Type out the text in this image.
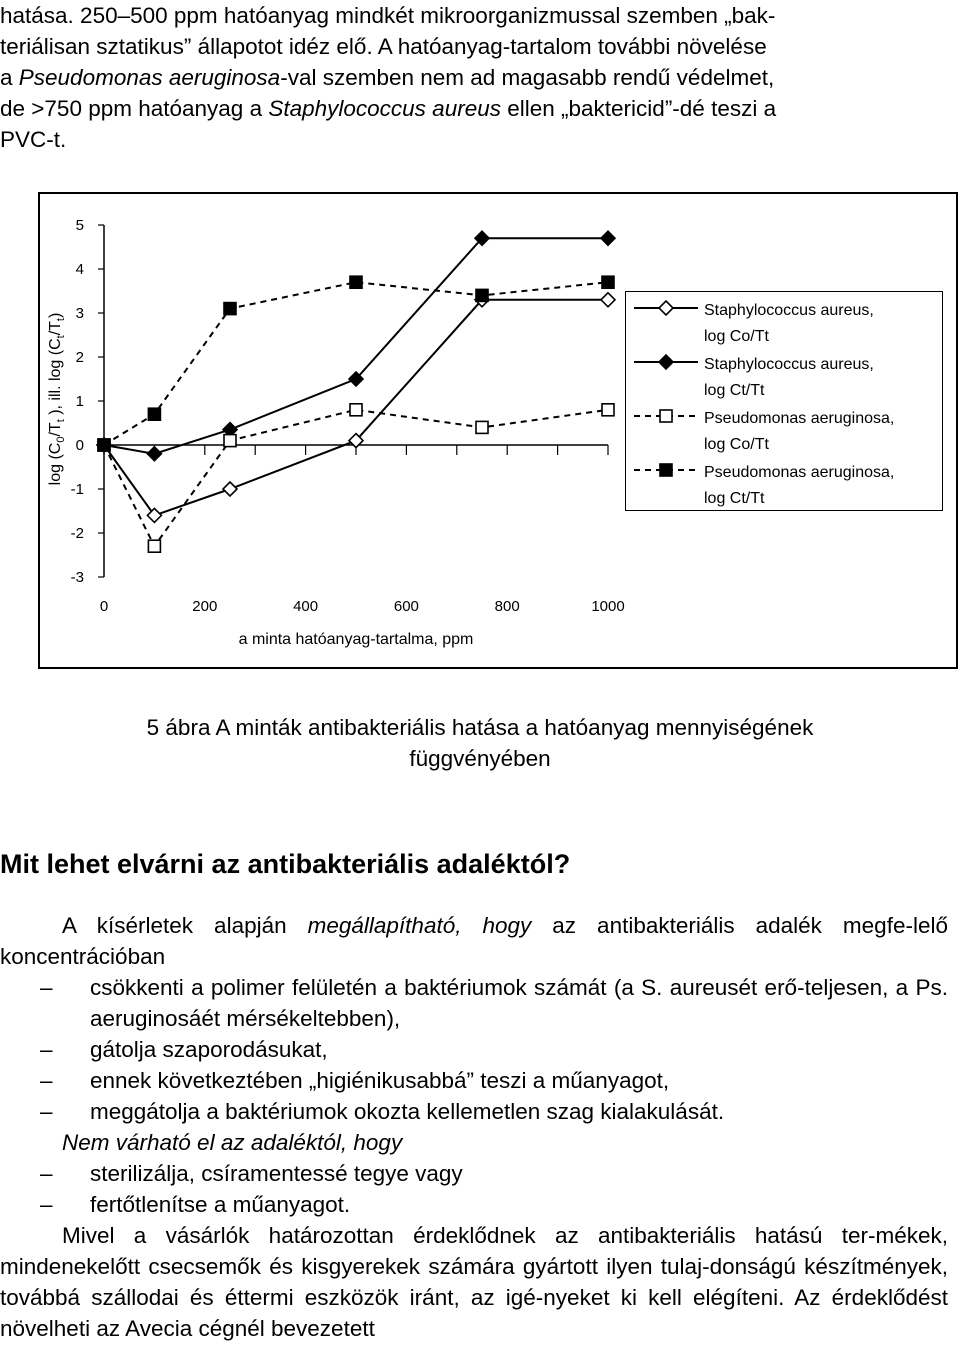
hatása. 250–500 ppm hatóanyag mindkét mikroorganizmussal szemben „bak-

teriálisan sztatikus” állapotot idéz elő. A hatóanyag-tartalom további növelése

a Pseudomonas aeruginosa-val szemben nem ad magasabb rendű védelmet,

de >750 ppm hatóanyag a Staphylococcus aureus ellen „baktericid”-dé teszi a

PVC-t.

5
4
3
2
1
0
-1
-2
-3
0	200	400	600	800	1000
$\log (C_0/T_t$ ), ill. $\log (C_t/T_t)$
a minta hatóanyag-tartalma, ppm
Staphylococcus aureus,
log Co/Tt
Staphylococcus aureus,
log Ct/Tt
Pseudomonas aeruginosa,
log Co/Tt
Pseudomonas aeruginosa,
log Ct/Tt
5 ábra A minták antibakteriális hatása a hatóanyag mennyiségének
függvényében
Mit lehet elvárni az antibakteriális adaléktól?

A kísérletek alapján megállapítható, hogy az antibakteriális adalék megfe-lelő koncentrációban

– csökkenti a polimer felületén a baktériumok számát (a S. aureusét erő-teljesen, a Ps. aeruginosáét mérsékeltebben),

– gátolja szaporodásukat,

– ennek következtében „higiénikusabbá” teszi a műanyagot,

– meggátolja a baktériumok okozta kellemetlen szag kialakulását.

Nem várható el az adaléktól, hogy

– sterilizálja, csíramentessé tegye vagy

– fertőtlenítse a műanyagot.

Mivel a vásárlók határozottan érdeklődnek az antibakteriális hatású ter-mékek, mindenekelőtt csecsemők és kisgyerekek számára gyártott ilyen tulaj-donságú készítmények, továbbá szállodai és éttermi eszközök iránt, az igé-nyeket ki kell elégíteni. Az érdeklődést növelheti az Avecia cégnél bevezetett
